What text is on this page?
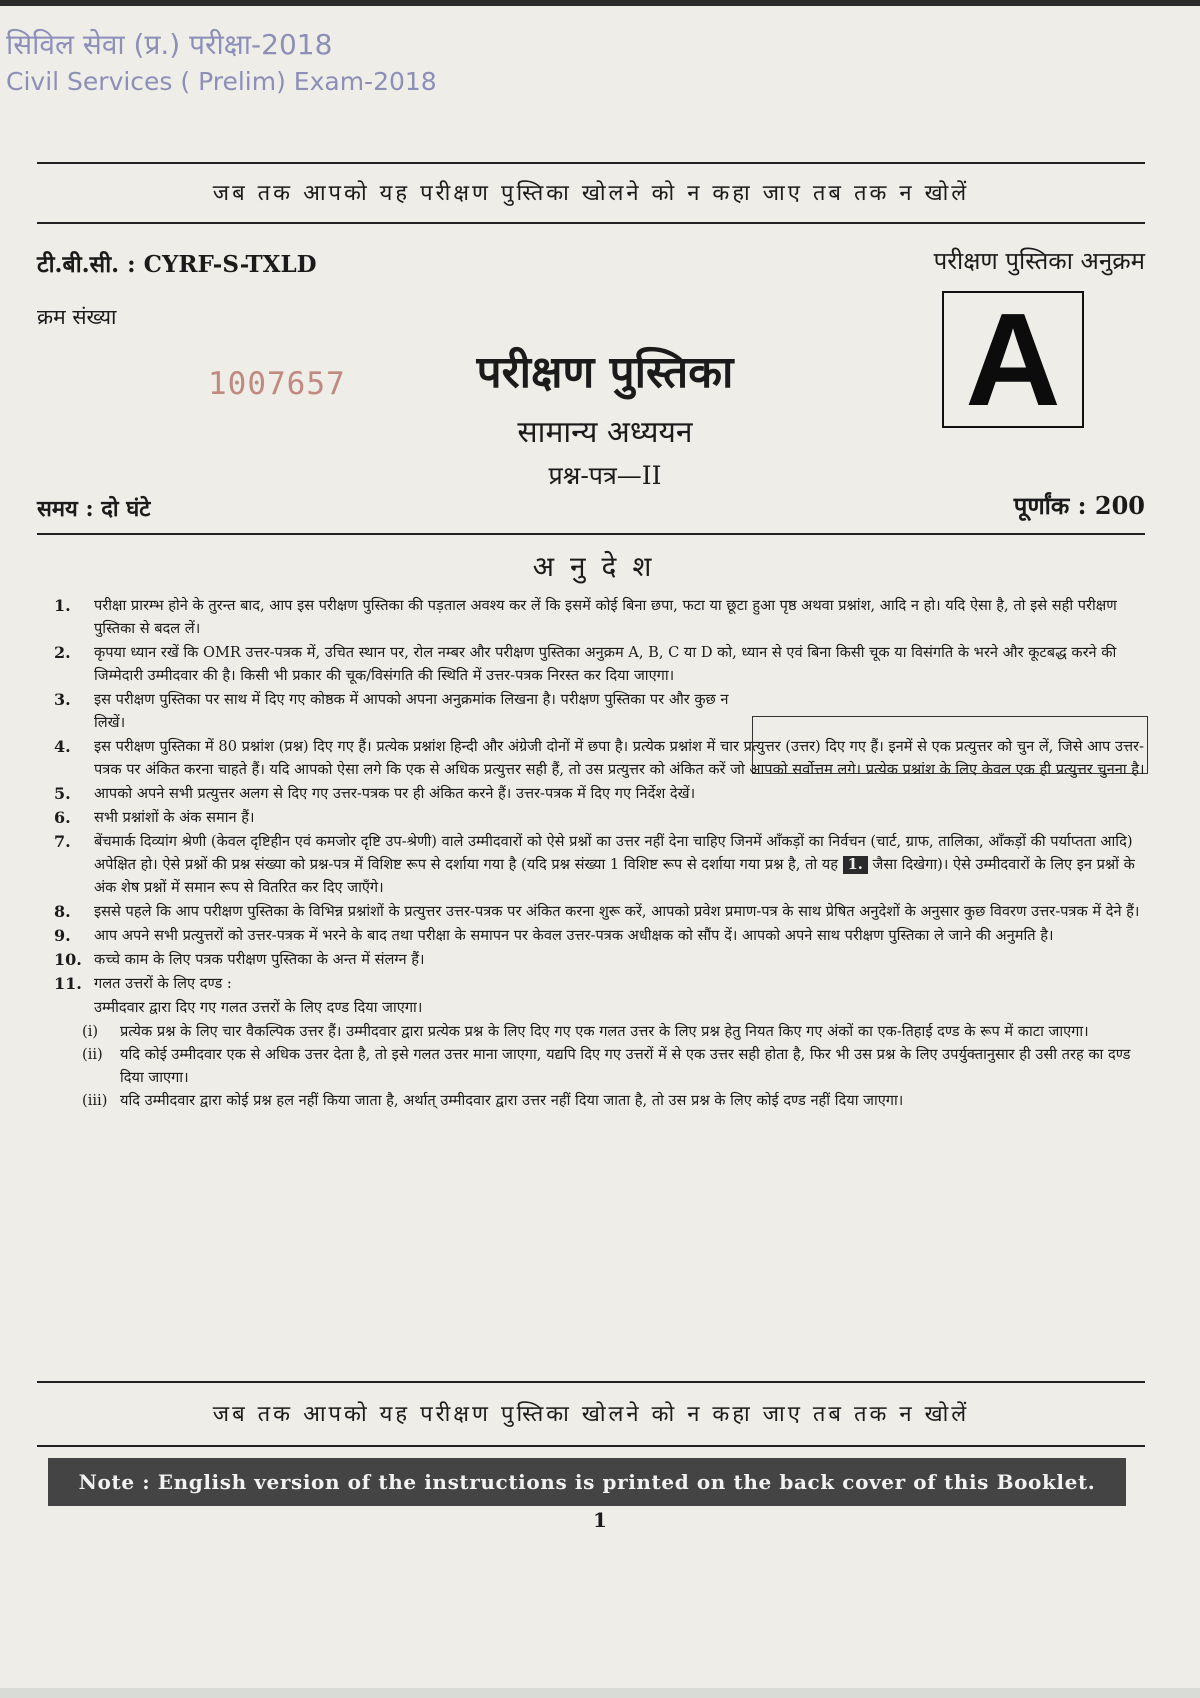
सिविल सेवा (प्र.) परीक्षा-2018
Civil Services ( Prelim) Exam-2018
जब तक आपको यह परीक्षण पुस्तिका खोलने को न कहा जाए तब तक न खोलें
टी.बी.सी. : CYRF-S-TXLD	परीक्षण पुस्तिका अनुक्रम
क्रम संख्या
1007657	परीक्षण पुस्तिका
सामान्य अध्ययन
प्रश्न-पत्र—II
A
समय : दो घंटे	पूर्णांक : 200
अनुदेश
1. परीक्षा प्रारम्भ होने के तुरन्त बाद, आप इस परीक्षण पुस्तिका की पड़ताल अवश्य कर लें कि इसमें कोई बिना छपा, फटा या छूटा हुआ पृष्ठ अथवा प्रश्नांश, आदि न हो। यदि ऐसा है, तो इसे सही परीक्षण पुस्तिका से बदल लें।
2. कृपया ध्यान रखें कि OMR उत्तर-पत्रक में, उचित स्थान पर, रोल नम्बर और परीक्षण पुस्तिका अनुक्रम A, B, C या D को, ध्यान से एवं बिना किसी चूक या विसंगति के भरने और कूटबद्ध करने की जिम्मेदारी उम्मीदवार की है। किसी भी प्रकार की चूक/विसंगति की स्थिति में उत्तर-पत्रक निरस्त कर दिया जाएगा।
3. इस परीक्षण पुस्तिका पर साथ में दिए गए कोष्ठक में आपको अपना अनुक्रमांक लिखना है। परीक्षण पुस्तिका पर और कुछ न लिखें।
4. इस परीक्षण पुस्तिका में 80 प्रश्नांश (प्रश्न) दिए गए हैं। प्रत्येक प्रश्नांश हिन्दी और अंग्रेजी दोनों में छपा है। प्रत्येक प्रश्नांश में चार प्रत्युत्तर (उत्तर) दिए गए हैं। इनमें से एक प्रत्युत्तर को चुन लें, जिसे आप उत्तर-पत्रक पर अंकित करना चाहते हैं। यदि आपको ऐसा लगे कि एक से अधिक प्रत्युत्तर सही हैं, तो उस प्रत्युत्तर को अंकित करें जो आपको सर्वोत्तम लगे। प्रत्येक प्रश्नांश के लिए केवल एक ही प्रत्युत्तर चुनना है।
5. आपको अपने सभी प्रत्युत्तर अलग से दिए गए उत्तर-पत्रक पर ही अंकित करने हैं। उत्तर-पत्रक में दिए गए निर्देश देखें।
6. सभी प्रश्नांशों के अंक समान हैं।
7. बेंचमार्क दिव्यांग श्रेणी (केवल दृष्टिहीन एवं कमजोर दृष्टि उप-श्रेणी) वाले उम्मीदवारों को ऐसे प्रश्नों का उत्तर नहीं देना चाहिए जिनमें आँकड़ों का निर्वचन (चार्ट, ग्राफ, तालिका, आँकड़ों की पर्याप्तता आदि) अपेक्षित हो। ऐसे प्रश्नों की प्रश्न संख्या को प्रश्न-पत्र में विशिष्ट रूप से दर्शाया गया है (यदि प्रश्न संख्या 1 विशिष्ट रूप से दर्शाया गया प्रश्न है, तो यह 1. जैसा दिखेगा)। ऐसे उम्मीदवारों के लिए इन प्रश्नों के अंक शेष प्रश्नों में समान रूप से वितरित कर दिए जाएँगे।
8. इससे पहले कि आप परीक्षण पुस्तिका के विभिन्न प्रश्नांशों के प्रत्युत्तर उत्तर-पत्रक पर अंकित करना शुरू करें, आपको प्रवेश प्रमाण-पत्र के साथ प्रेषित अनुदेशों के अनुसार कुछ विवरण उत्तर-पत्रक में देने हैं।
9. आप अपने सभी प्रत्युत्तरों को उत्तर-पत्रक में भरने के बाद तथा परीक्षा के समापन पर केवल उत्तर-पत्रक अधीक्षक को सौंप दें। आपको अपने साथ परीक्षण पुस्तिका ले जाने की अनुमति है।
10. कच्चे काम के लिए पत्रक परीक्षण पुस्तिका के अन्त में संलग्न हैं।
11. गलत उत्तरों के लिए दण्ड :
उम्मीदवार द्वारा दिए गए गलत उत्तरों के लिए दण्ड दिया जाएगा।
(i) प्रत्येक प्रश्न के लिए चार वैकल्पिक उत्तर हैं। उम्मीदवार द्वारा प्रत्येक प्रश्न के लिए दिए गए एक गलत उत्तर के लिए प्रश्न हेतु नियत किए गए अंकों का एक-तिहाई दण्ड के रूप में काटा जाएगा।
(ii) यदि कोई उम्मीदवार एक से अधिक उत्तर देता है, तो इसे गलत उत्तर माना जाएगा, यद्यपि दिए गए उत्तरों में से एक उत्तर सही होता है, फिर भी उस प्रश्न के लिए उपर्युक्तानुसार ही उसी तरह का दण्ड दिया जाएगा।
(iii) यदि उम्मीदवार द्वारा कोई प्रश्न हल नहीं किया जाता है, अर्थात् उम्मीदवार द्वारा उत्तर नहीं दिया जाता है, तो उस प्रश्न के लिए कोई दण्ड नहीं दिया जाएगा।
जब तक आपको यह परीक्षण पुस्तिका खोलने को न कहा जाए तब तक न खोलें
Note : English version of the instructions is printed on the back cover of this Booklet.
1
